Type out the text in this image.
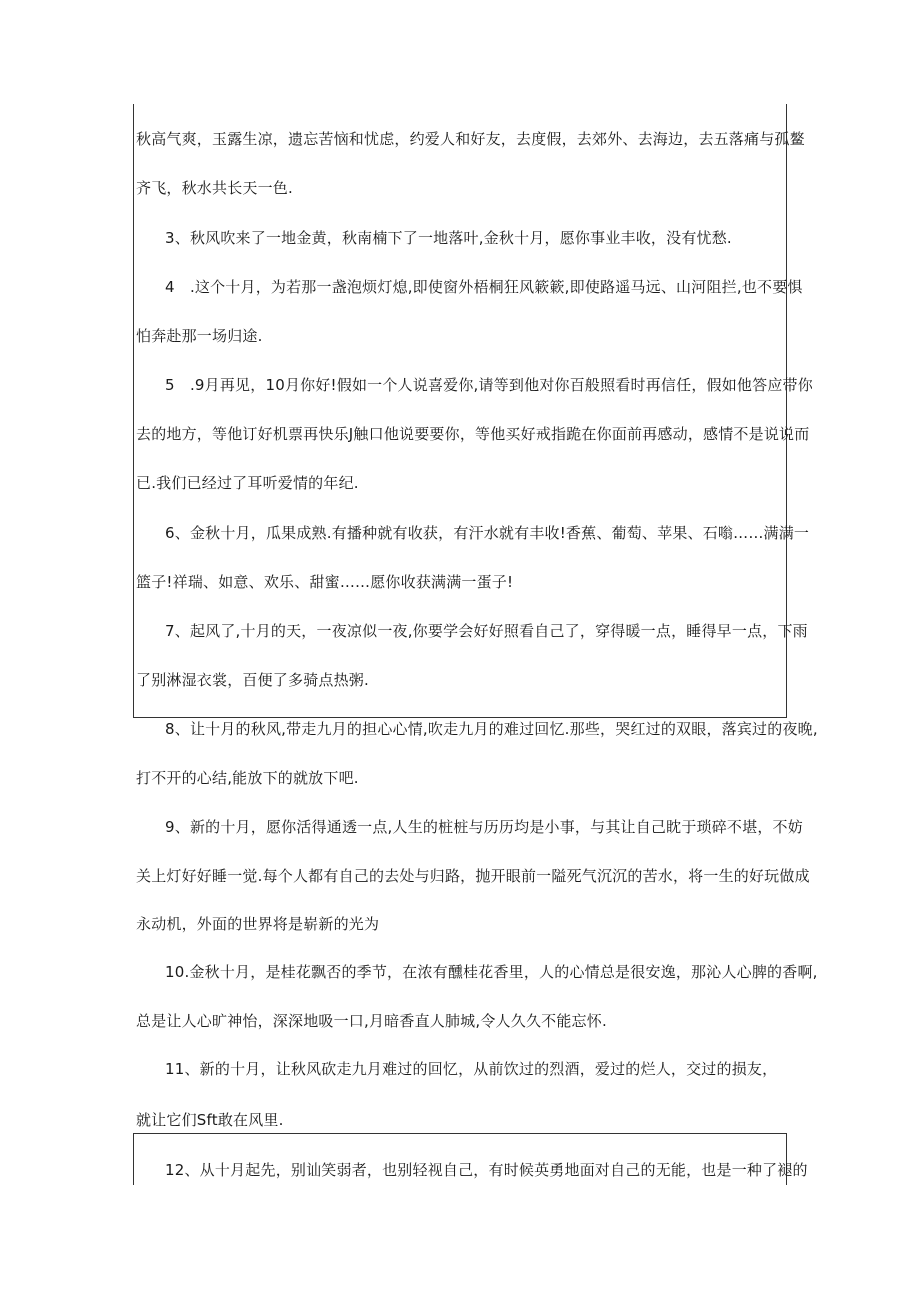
秋高气爽，玉露生凉，遗忘苦恼和忧虑，约爱人和好友，去度假，去郊外、去海边，去五落痛与孤鳌
齐飞，秋水共长天一色.
3、秋风吹来了一地金黄，秋南楠下了一地落叶,金秋十月，愿你事业丰收，没有忧愁.
4　.这个十月，为若那一盏泡烦灯熄,即使窗外梧桐狂风簌簌,即使路遥马远、山河阻拦,也不要惧
怕奔赴那一场归途.
5　.9月再见，10月你好!假如一个人说喜爱你,请等到他对你百般照看时再信任，假如他答应带你
去的地方，等他订好机票再快乐J触口他说要要你，等他买好戒指跪在你面前再感动，感情不是说说而
已.我们已经过了耳听爱情的年纪.
6、金秋十月，瓜果成熟.有播种就有收获，有汗水就有丰收!香蕉、葡萄、苹果、石嗡……满满一
篮子!祥瑞、如意、欢乐、甜蜜……愿你收获满满一蛋子!
7、起风了,十月的天，一夜凉似一夜,你要学会好好照看自己了，穿得暖一点，睡得早一点，下雨
了别淋湿衣裳，百便了多骑点热粥.
8、让十月的秋风,带走九月的担心心情,吹走九月的难过回忆.那些，哭红过的双眼，落宾过的夜晚,
打不开的心结,能放下的就放下吧.
9、新的十月，愿你活得通透一点,人生的桩桩与历历均是小事，与其让自己眈于琐碎不堪，不妨
关上灯好好睡一觉.每个人都有自己的去处与归路，抛开眼前一隘死气沉沉的苦水，将一生的好玩做成
永动机，外面的世界将是崭新的光为
10.金秋十月，是桂花飘否的季节，在浓有醺桂花香里，人的心情总是很安逸，那沁人心脾的香啊,
总是让人心旷神怡，深深地吸一口,月暗香直人肺城,令人久久不能忘怀.
11、新的十月，让秋风砍走九月难过的回忆，从前饮过的烈酒，爱过的烂人，交过的损友，
就让它们Sft敢在风里.
12、从十月起先，别讪笑弱者，也别轻视自己，有时候英勇地面对自己的无能，也是一种了褪的
